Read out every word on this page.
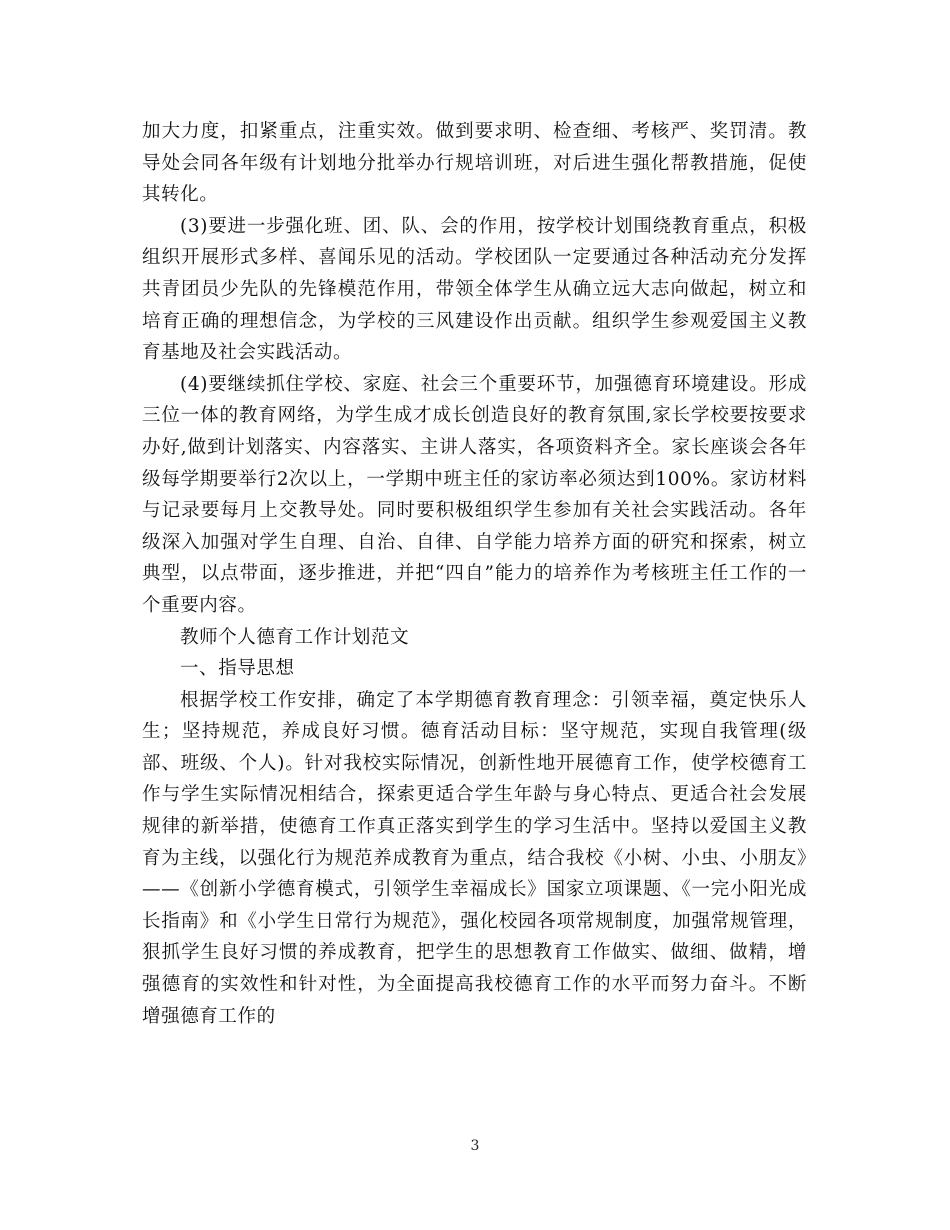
加大力度，扣紧重点，注重实效。做到要求明、检查细、考核严、奖罚清。教导处会同各年级有计划地分批举办行规培训班，对后进生强化帮教措施，促使其转化。

(3)要进一步强化班、团、队、会的作用，按学校计划围绕教育重点，积极组织开展形式多样、喜闻乐见的活动。学校团队一定要通过各种活动充分发挥共青团员少先队的先锋模范作用，带领全体学生从确立远大志向做起，树立和培育正确的理想信念，为学校的三风建设作出贡献。组织学生参观爱国主义教育基地及社会实践活动。

(4)要继续抓住学校、家庭、社会三个重要环节，加强德育环境建设。形成三位一体的教育网络，为学生成才成长创造良好的教育氛围,家长学校要按要求办好,做到计划落实、内容落实、主讲人落实，各项资料齐全。家长座谈会各年级每学期要举行2次以上，一学期中班主任的家访率必须达到100%。家访材料与记录要每月上交教导处。同时要积极组织学生参加有关社会实践活动。各年级深入加强对学生自理、自治、自律、自学能力培养方面的研究和探索，树立典型，以点带面，逐步推进，并把“四自”能力的培养作为考核班主任工作的一个重要内容。

教师个人德育工作计划范文

一、指导思想

根据学校工作安排，确定了本学期德育教育理念：引领幸福，奠定快乐人生；坚持规范，养成良好习惯。德育活动目标：坚守规范，实现自我管理(级部、班级、个人)。针对我校实际情况，创新性地开展德育工作，使学校德育工作与学生实际情况相结合，探索更适合学生年龄与身心特点、更适合社会发展规律的新举措，使德育工作真正落实到学生的学习生活中。坚持以爱国主义教育为主线，以强化行为规范养成教育为重点，结合我校《小树、小虫、小朋友》——《创新小学德育模式，引领学生幸福成长》国家立项课题、《一完小阳光成长指南》和《小学生日常行为规范》，强化校园各项常规制度，加强常规管理，狠抓学生良好习惯的养成教育，把学生的思想教育工作做实、做细、做精，增强德育的实效性和针对性，为全面提高我校德育工作的水平而努力奋斗。不断增强德育工作的

3
